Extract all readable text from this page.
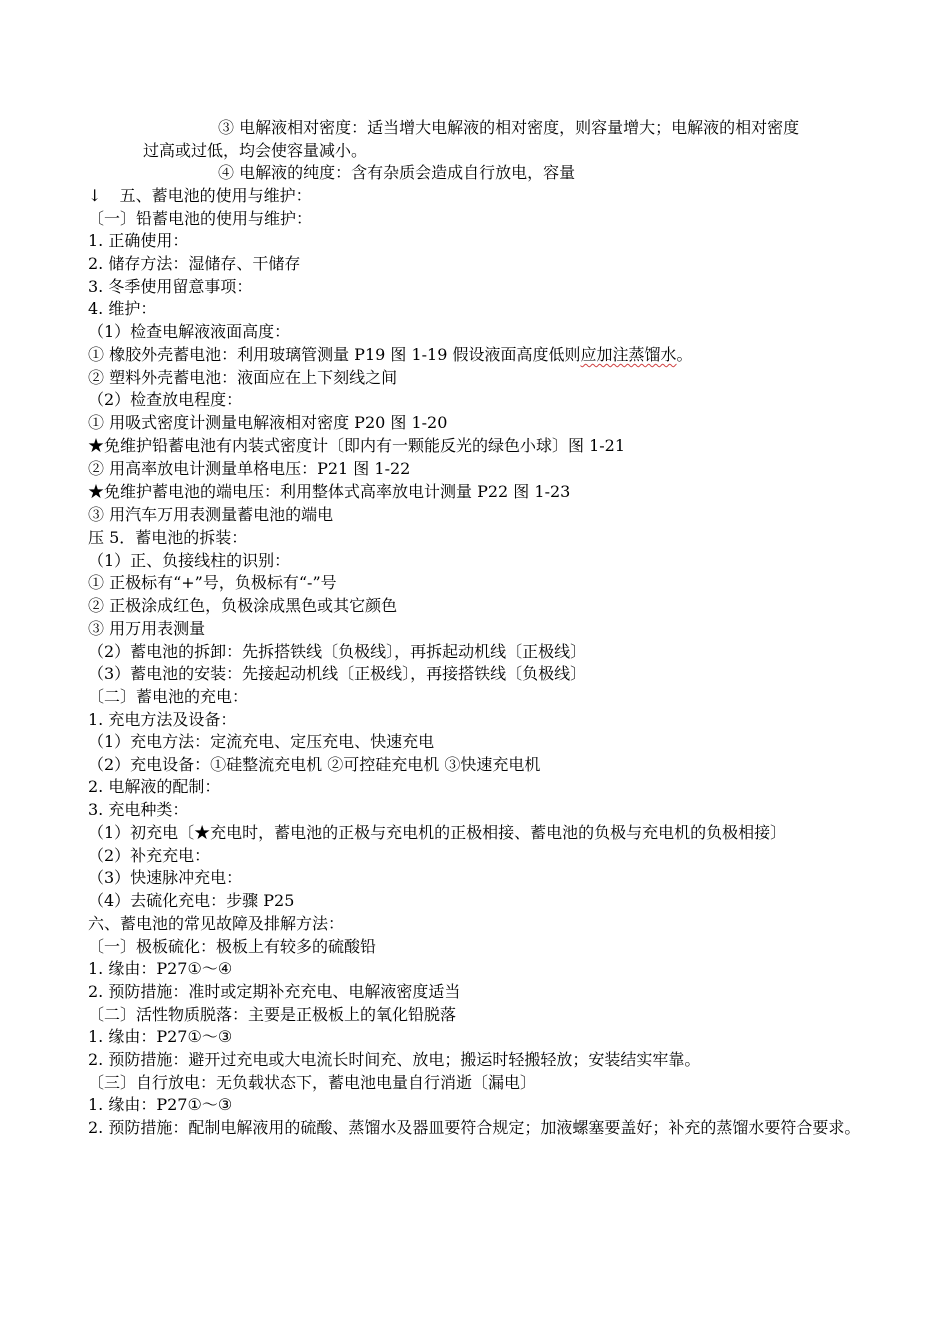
③ 电解液相对密度：适当增大电解液的相对密度，则容量增大；电解液的相对密度
过高或过低，均会使容量减小。
④ 电解液的纯度：含有杂质会造成自行放电，容量
↓ 五、蓄电池的使用与维护：
〔一〕铅蓄电池的使用与维护：
1. 正确使用：
2. 储存方法：湿储存、干储存
3. 冬季使用留意事项：
4. 维护：
（1）检查电解液液面高度：
① 橡胶外壳蓄电池：利用玻璃管测量 P19 图 1-19 假设液面高度低则应加注蒸馏水。
② 塑料外壳蓄电池：液面应在上下刻线之间
（2）检查放电程度：
① 用吸式密度计测量电解液相对密度 P20 图 1-20
★免维护铅蓄电池有内装式密度计〔即内有一颗能反光的绿色小球〕图 1-21
② 用高率放电计测量单格电压：P21 图 1-22
★免维护蓄电池的端电压：利用整体式高率放电计测量 P22 图 1-23
③ 用汽车万用表测量蓄电池的端电
压 5．蓄电池的拆装：
（1）正、负接线柱的识别：
① 正极标有“+”号，负极标有“-”号
② 正极涂成红色，负极涂成黑色或其它颜色
③ 用万用表测量
（2）蓄电池的拆卸：先拆搭铁线〔负极线〕，再拆起动机线〔正极线〕
（3）蓄电池的安装：先接起动机线〔正极线〕，再接搭铁线〔负极线〕
〔二〕蓄电池的充电：
1. 充电方法及设备：
（1）充电方法：定流充电、定压充电、快速充电
（2）充电设备：①硅整流充电机 ②可控硅充电机 ③快速充电机
2. 电解液的配制：
3. 充电种类：
（1）初充电〔★充电时，蓄电池的正极与充电机的正极相接、蓄电池的负极与充电机的负极相接〕
（2）补充充电：
（3）快速脉冲充电：
（4）去硫化充电：步骤 P25
六、蓄电池的常见故障及排解方法：
〔一〕极板硫化：极板上有较多的硫酸铅
1. 缘由：P27①～④
2. 预防措施：准时或定期补充充电、电解液密度适当
〔二〕活性物质脱落：主要是正极板上的氧化铅脱落
1. 缘由：P27①～③
2. 预防措施：避开过充电或大电流长时间充、放电；搬运时轻搬轻放；安装结实牢靠。
〔三〕自行放电：无负载状态下，蓄电池电量自行消逝〔漏电〕
1. 缘由：P27①～③
2. 预防措施：配制电解液用的硫酸、蒸馏水及器皿要符合规定；加液螺塞要盖好；补充的蒸馏水要符合要求。
